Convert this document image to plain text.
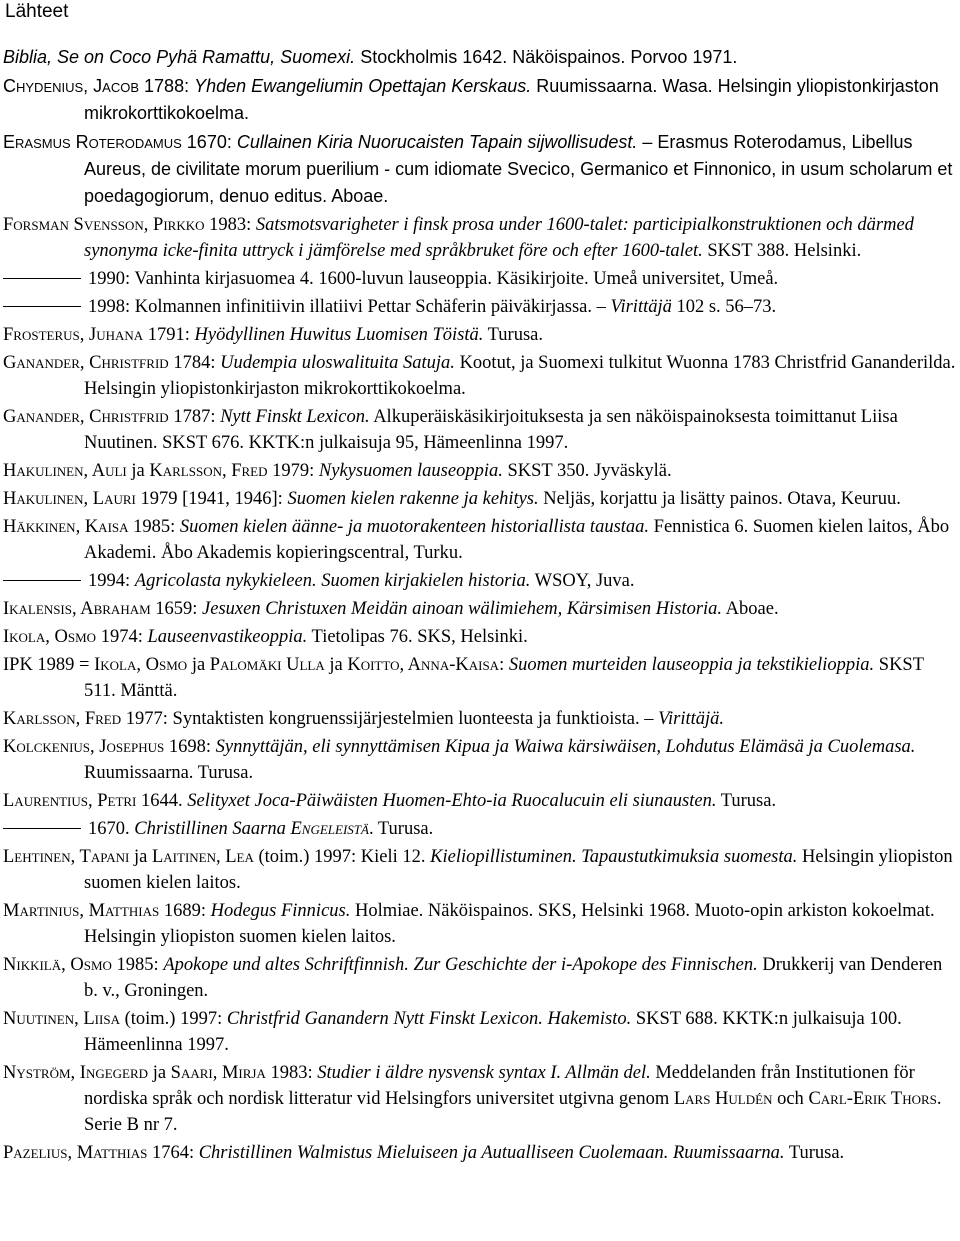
Lähteet

Biblia, Se on Coco Pyhä Ramattu, Suomexi. Stockholmis 1642. Näköispainos. Porvoo 1971.

Chydenius, Jacob 1788: Yhden Ewangeliumin Opettajan Kerskaus. Ruumissaarna. Wasa. Helsingin yliopistonkirjaston mikrokorttikokoelma.

Erasmus Roterodamus 1670: Cullainen Kiria Nuorucaisten Tapain sijwollisudest. – Erasmus Roterodamus, Libellus Aureus, de civilitate morum puerilium - cum idiomate Svecico, Germanico et Finnonico, in usum scholarum et poedagogiorum, denuo editus. Aboae.

Forsman Svensson, Pirkko 1983: Satsmotsvarigheter i finsk prosa under 1600-talet: participialkonstruktionen och därmed synonyma icke-finita uttryck i jämförelse med språkbruket före och efter 1600-talet. SKST 388. Helsinki.

1990: Vanhinta kirjasuomea 4. 1600-luvun lauseoppia. Käsikirjoite. Umeå universitet, Umeå.

1998: Kolmannen infinitiivin illatiivi Pettar Schäferin päiväkirjassa. – Virittäjä 102 s. 56–73.

Frosterus, Juhana 1791: Hyödyllinen Huwitus Luomisen Töistä. Turusa.

Ganander, Christfrid 1784: Uudempia uloswalituita Satuja. Kootut, ja Suomexi tulkitut Wuonna 1783 Christfrid Gananderilda. Helsingin yliopistonkirjaston mikrokorttikokoelma.

Ganander, Christfrid 1787: Nytt Finskt Lexicon. Alkuperäiskäsikirjoituksesta ja sen näköispainoksesta toimittanut Liisa Nuutinen. SKST 676. KKTK:n julkaisuja 95, Hämeenlinna 1997.

Hakulinen, Auli ja Karlsson, Fred 1979: Nykysuomen lauseoppia. SKST 350. Jyväskylä.

Hakulinen, Lauri 1979 [1941, 1946]: Suomen kielen rakenne ja kehitys. Neljäs, korjattu ja lisätty painos. Otava, Keuruu.

Häkkinen, Kaisa 1985: Suomen kielen äänne- ja muotorakenteen historiallista taustaa. Fennistica 6. Suomen kielen laitos, Åbo Akademi. Åbo Akademis kopieringscentral, Turku.

1994: Agricolasta nykykieleen. Suomen kirjakielen historia. WSOY, Juva.

Ikalensis, Abraham 1659: Jesuxen Christuxen Meidän ainoan wälimiehem, Kärsimisen Historia. Aboae.

Ikola, Osmo 1974: Lauseenvastikeoppia. Tietolipas 76. SKS, Helsinki.

IPK 1989 = Ikola, Osmo ja Palomäki Ulla ja Koitto, Anna-Kaisa: Suomen murteiden lauseoppia ja tekstikielioppia. SKST 511. Mänttä.

Karlsson, Fred 1977: Syntaktisten kongruenssijärjestelmien luonteesta ja funktioista. – Virittäjä.

Kolckenius, Josephus 1698: Synnyttäjän, eli synnyttämisen Kipua ja Waiwa kärsiwäisen, Lohdutus Elämäsä ja Cuolemasa. Ruumissaarna. Turusa.

Laurentius, Petri 1644. Selityxet Joca-Päiwäisten Huomen-Ehto-ia Ruocalucuin eli siunausten. Turusa.

1670. Christillinen Saarna Engeleistä. Turusa.

Lehtinen, Tapani ja Laitinen, Lea (toim.) 1997: Kieli 12. Kieliopillistuminen. Tapaustutkimuksia suomesta. Helsingin yliopiston suomen kielen laitos.

Martinius, Matthias 1689: Hodegus Finnicus. Holmiae. Näköispainos. SKS, Helsinki 1968. Muoto-opin arkiston kokoelmat. Helsingin yliopiston suomen kielen laitos.

Nikkilä, Osmo 1985: Apokope und altes Schriftfinnish. Zur Geschichte der i-Apokope des Finnischen. Drukkerij van Denderen b. v., Groningen.

Nuutinen, Liisa (toim.) 1997: Christfrid Ganandern Nytt Finskt Lexicon. Hakemisto. SKST 688. KKTK:n julkaisuja 100. Hämeenlinna 1997.

Nyström, Ingegerd ja Saari, Mirja 1983: Studier i äldre nysvensk syntax I. Allmän del. Meddelanden från Institutionen för nordiska språk och nordisk litteratur vid Helsingfors universitet utgivna genom Lars Huldén och Carl-Erik Thors. Serie B nr 7.

Pazelius, Matthias 1764: Christillinen Walmistus Mieluiseen ja Autualliseen Cuolemaan. Ruumissaarna. Turusa.
